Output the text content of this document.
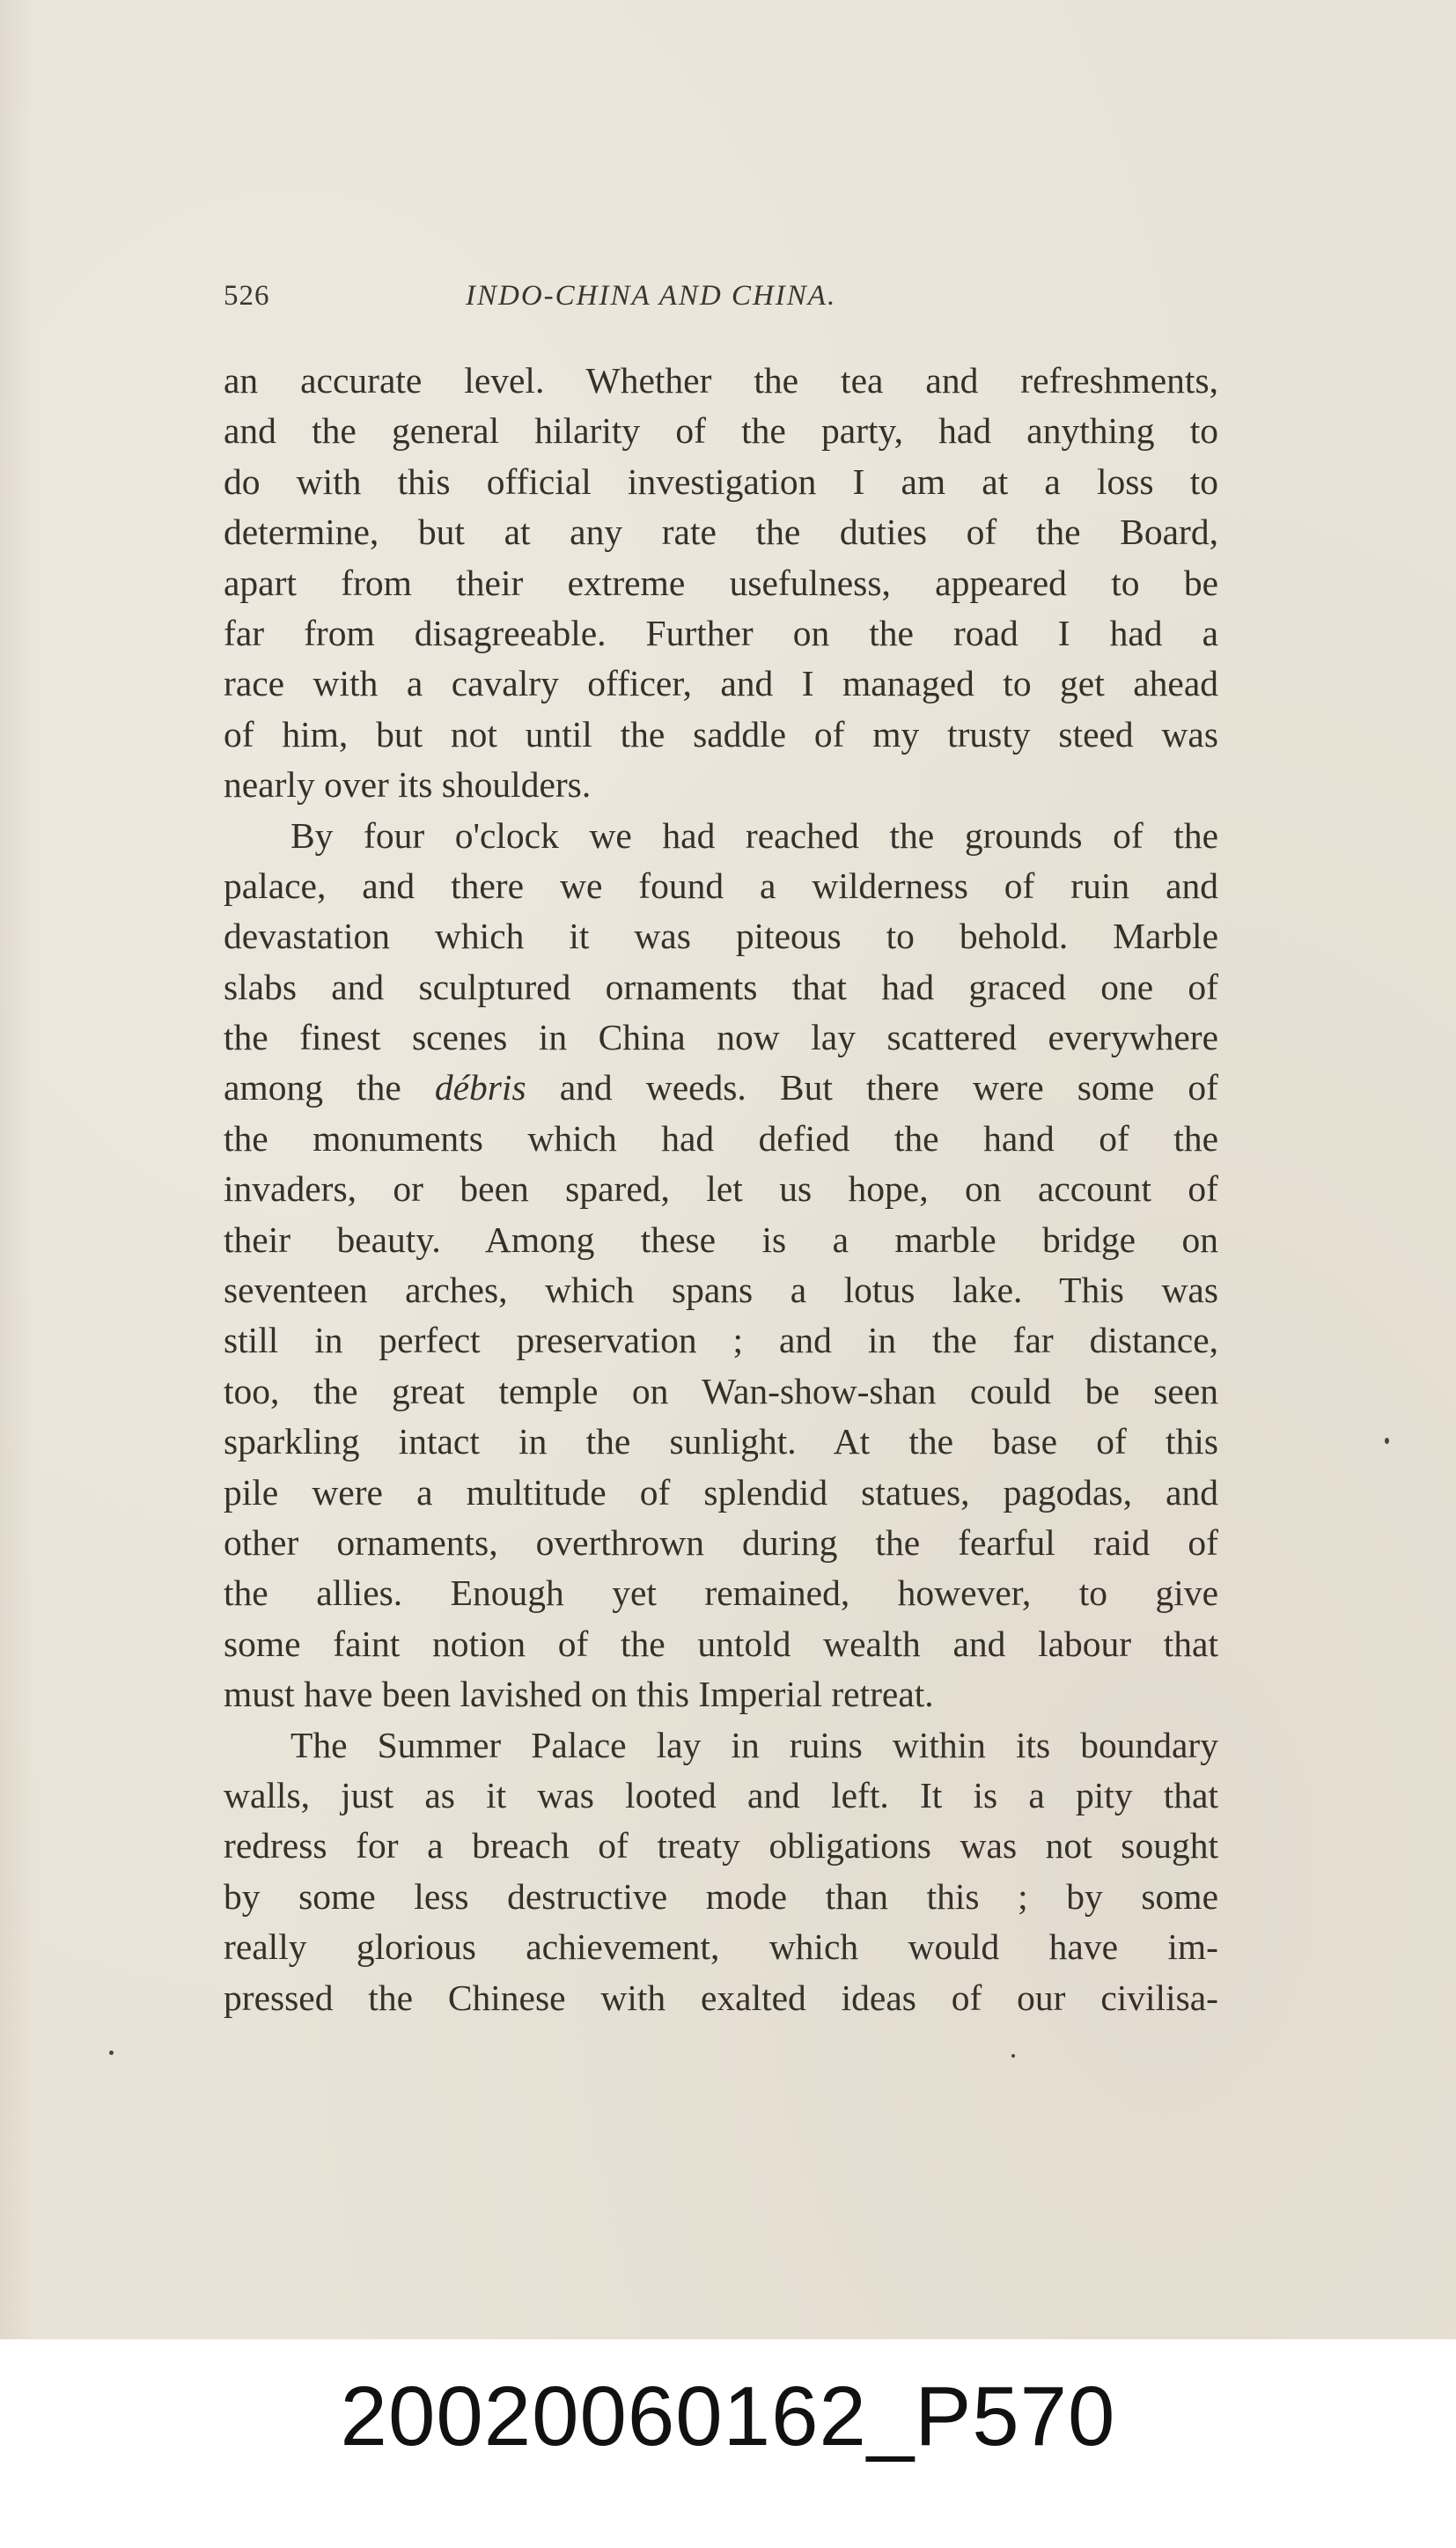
526	INDO-CHINA AND CHINA.
an accurate level. Whether the tea and refreshments,
and the general hilarity of the party, had anything to
do with this official investigation I am at a loss to
determine, but at any rate the duties of the Board,
apart from their extreme usefulness, appeared to be
far from disagreeable. Further on the road I had a
race with a cavalry officer, and I managed to get ahead
of him, but not until the saddle of my trusty steed was
nearly over its shoulders.
By four o'clock we had reached the grounds of the
palace, and there we found a wilderness of ruin and
devastation which it was piteous to behold. Marble
slabs and sculptured ornaments that had graced one of
the finest scenes in China now lay scattered everywhere
among the débris and weeds. But there were some of
the monuments which had defied the hand of the
invaders, or been spared, let us hope, on account of
their beauty. Among these is a marble bridge on
seventeen arches, which spans a lotus lake. This was
still in perfect preservation ; and in the far distance,
too, the great temple on Wan-show-shan could be seen
sparkling intact in the sunlight. At the base of this
pile were a multitude of splendid statues, pagodas, and
other ornaments, overthrown during the fearful raid of
the allies. Enough yet remained, however, to give
some faint notion of the untold wealth and labour that
must have been lavished on this Imperial retreat.
The Summer Palace lay in ruins within its boundary
walls, just as it was looted and left. It is a pity that
redress for a breach of treaty obligations was not sought
by some less destructive mode than this ; by some
really glorious achievement, which would have im-
pressed the Chinese with exalted ideas of our civilisa-
20020060162_P570
